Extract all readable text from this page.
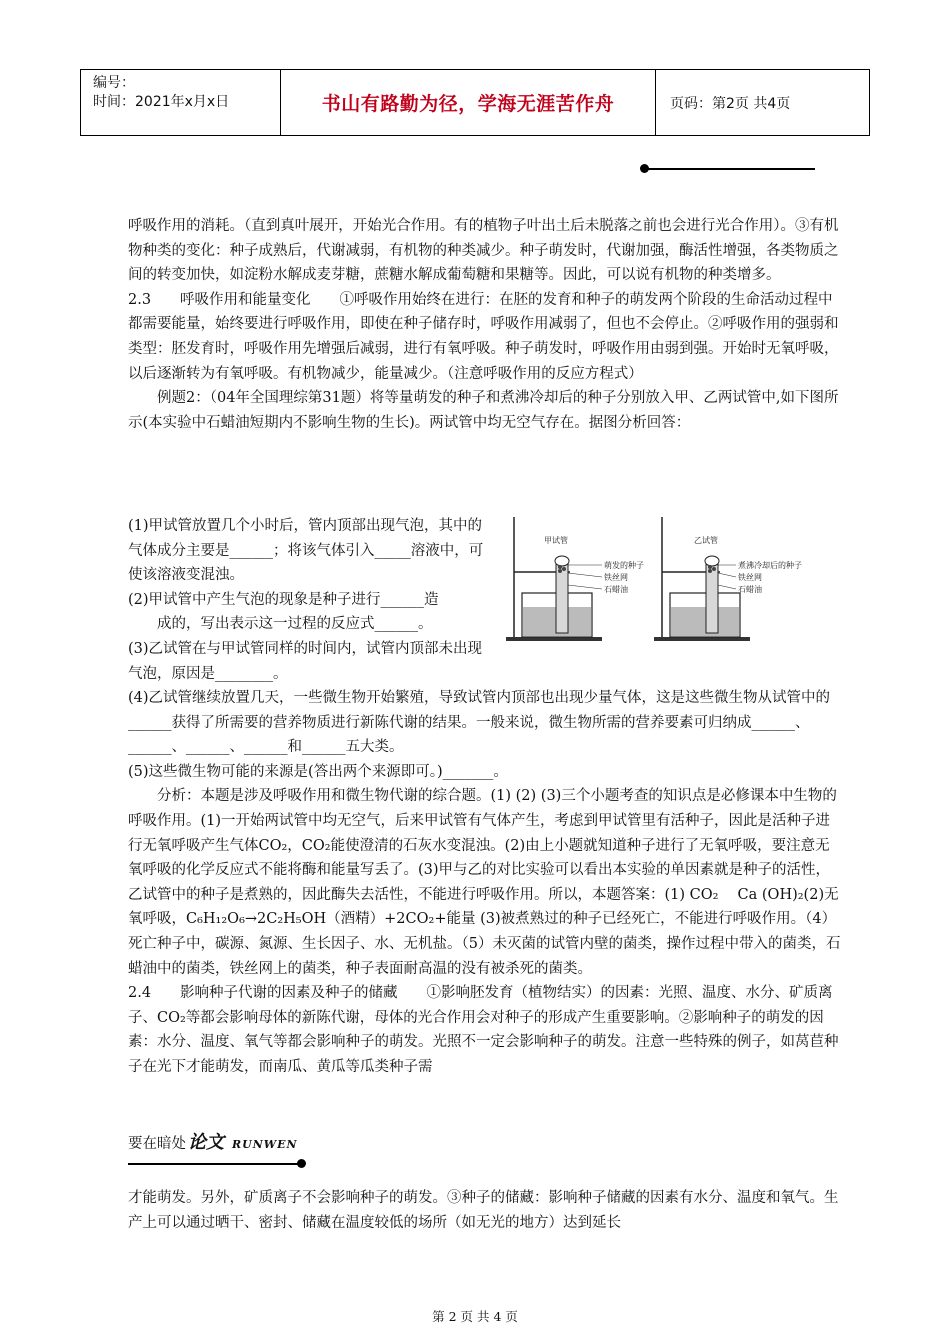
编号：
时间：2021年x月x日	书山有路勤为径，学海无涯苦作舟	页码：第2页 共4页

呼吸作用的消耗。（直到真叶展开，开始光合作用。有的植物子叶出土后未脱落之前也会进行光合作用）。③有机物种类的变化：种子成熟后，代谢减弱，有机物的种类减少。种子萌发时，代谢加强，酶活性增强，各类物质之间的转变加快，如淀粉水解成麦芽糖，蔗糖水解成葡萄糖和果糖等。因此，可以说有机物的种类增多。

2.3　　呼吸作用和能量变化　　①呼吸作用始终在进行：在胚的发育和种子的萌发两个阶段的生命活动过程中都需要能量，始终要进行呼吸作用，即使在种子储存时，呼吸作用减弱了，但也不会停止。②呼吸作用的强弱和类型：胚发育时，呼吸作用先增强后减弱，进行有氧呼吸。种子萌发时，呼吸作用由弱到强。开始时无氧呼吸，以后逐渐转为有氧呼吸。有机物减少，能量减少。（注意呼吸作用的反应方程式）

例题2：（04年全国理综第31题）将等量萌发的种子和煮沸冷却后的种子分别放入甲、乙两试管中,如下图所示(本实验中石蜡油短期内不影响生物的生长)。两试管中均无空气存在。据图分析回答：

(1)甲试管放置几个小时后，管内顶部出现气泡，其中的气体成分主要是______；将该气体引入_____溶液中，可使该溶液变混浊。

(2)甲试管中产生气泡的现象是种子进行______造

成的，写出表示这一过程的反应式______。

(3)乙试管在与甲试管同样的时间内，试管内顶部未出现气泡，原因是________。

甲试管
萌发的种子
铁丝网
石蜡油
乙试管
煮沸冷却后的种子
铁丝网
石蜡油

(4)乙试管继续放置几天，一些微生物开始繁殖，导致试管内顶部也出现少量气体，这是这些微生物从试管中的______获得了所需要的营养物质进行新陈代谢的结果。一般来说，微生物所需的营养要素可归纳成______、______、______、______和______五大类。

(5)这些微生物可能的来源是(答出两个来源即可。)_______。

分析：本题是涉及呼吸作用和微生物代谢的综合题。(1) (2) (3)三个小题考查的知识点是必修课本中生物的呼吸作用。(1)一开始两试管中均无空气，后来甲试管有气体产生，考虑到甲试管里有活种子，因此是活种子进行无氧呼吸产生气体CO₂，CO₂能使澄清的石灰水变混浊。(2)由上小题就知道种子进行了无氧呼吸，要注意无氧呼吸的化学反应式不能将酶和能量写丢了。(3)甲与乙的对比实验可以看出本实验的单因素就是种子的活性，乙试管中的种子是煮熟的，因此酶失去活性，不能进行呼吸作用。所以，本题答案：(1) CO₂　 Ca (OH)₂(2)无氧呼吸，C₆H₁₂O₆→2C₂H₅OH（酒精）+2CO₂+能量 (3)被煮熟过的种子已经死亡，不能进行呼吸作用。（4）死亡种子中，碳源、氮源、生长因子、水、无机盐。（5）未灭菌的试管内壁的菌类，操作过程中带入的菌类，石蜡油中的菌类，铁丝网上的菌类，种子表面耐高温的没有被杀死的菌类。

2.4　　影响种子代谢的因素及种子的储藏　　①影响胚发育（植物结实）的因素：光照、温度、水分、矿质离子、CO₂等都会影响母体的新陈代谢，母体的光合作用会对种子的形成产生重要影响。②影响种子的萌发的因素：水分、温度、氧气等都会影响种子的萌发。光照不一定会影响种子的萌发。注意一些特殊的例子，如莴苣种子在光下才能萌发，而南瓜、黄瓜等瓜类种子需

要在暗处 论文 RUNWEN

才能萌发。另外，矿质离子不会影响种子的萌发。③种子的储藏：影响种子储藏的因素有水分、温度和氧气。生产上可以通过晒干、密封、储藏在温度较低的场所（如无光的地方）达到延长

第 2 页 共 4 页
